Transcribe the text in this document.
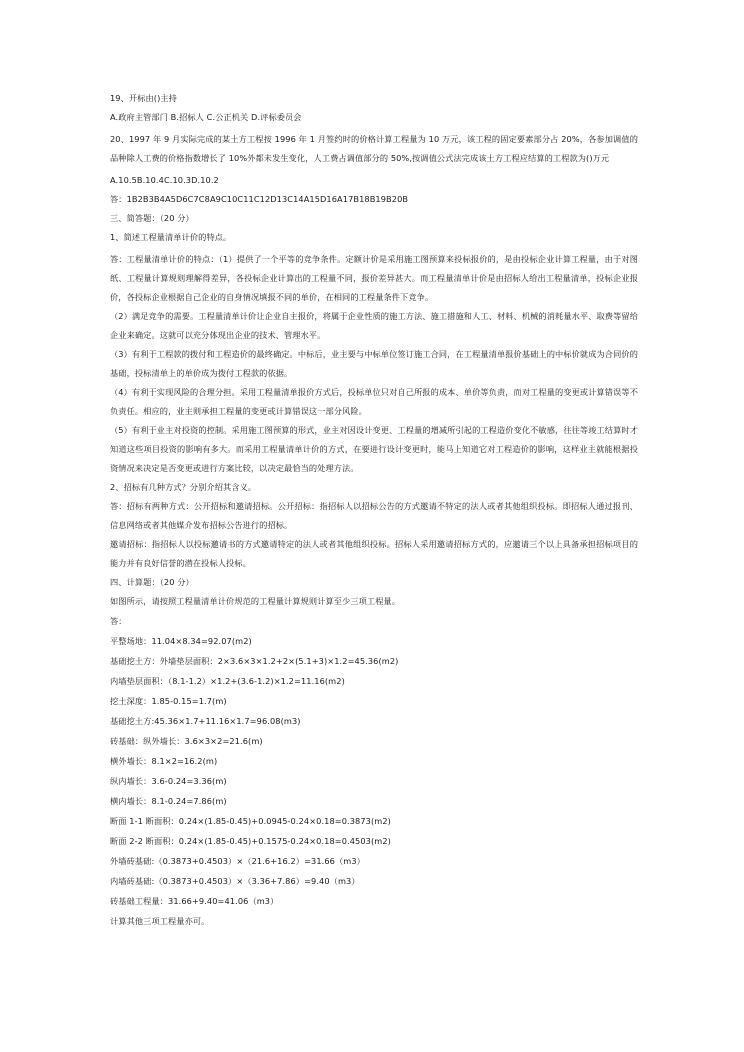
19、开标由()主持
A.政府主管部门 B.招标人 C.公正机关 D.评标委员会
20、1997 年 9 月实际完成的某土方工程按 1996 年 1 月签约时的价格计算工程量为 10 万元，该工程的固定要素部分占 20%，各参加调值的品种除人工费的价格指数增长了 10%外都未发生变化，人工费占调值部分的 50%,按调值公式法完成该土方工程应结算的工程款为()万元
A.10.5B.10.4C.10.3D.10.2
答：1B2B3B4A5D6C7C8A9C10C11C12D13C14A15D16A17B18B19B20B
三、简答题：（20 分）
1、简述工程量清单计价的特点。
答：工程量清单计价的特点：（1）提供了一个平等的竞争条件。定额计价是采用施工图预算来投标报价的，是由投标企业计算工程量，由于对图纸、工程量计算规则理解得差异，各投标企业计算出的工程量不同，报价差异甚大。而工程量清单计价是由招标人给出工程量清单，投标企业报价，各投标企业根据自己企业的自身情况填报不同的单价，在相同的工程量条件下竞争。
（2）满足竞争的需要。工程量清单计价让企业自主报价，将属于企业性质的施工方法、施工措施和人工、材料、机械的消耗量水平、取费等留给企业来确定。这就可以充分体现出企业的技术、管理水平。
（3）有利于工程款的拨付和工程造价的最终确定。中标后，业主要与中标单位签订施工合同，在工程量清单报价基础上的中标价就成为合同价的基础，投标清单上的单价成为拨付工程款的依据。
（4）有利于实现风险的合理分担。采用工程量清单报价方式后，投标单位只对自己所报的成本、单价等负责，而对工程量的变更或计算错误等不负责任。相应的，业主则承担工程量的变更或计算错误这一部分风险。
（5）有利于业主对投资的控制。采用施工图预算的形式，业主对因设计变更、工程量的增减所引起的工程造价变化不敏感，往往等竣工结算时才知道这些项目投资的影响有多大。而采用工程量清单计价的方式，在要进行设计变更时，能马上知道它对工程造价的影响，这样业主就能根据投资情况来决定是否变更或进行方案比较，以决定最恰当的处理方法。
2、招标有几种方式？分别介绍其含义。
答：招标有两种方式：公开招标和邀请招标。公开招标：指招标人以招标公告的方式邀请不特定的法人或者其他组织投标。即招标人通过报刊、信息网络或者其他媒介发布招标公告进行的招标。
邀请招标：指招标人以投标邀请书的方式邀请特定的法人或者其他组织投标。招标人采用邀请招标方式的，应邀请三个以上具备承担招标项目的能力并有良好信誉的潜在投标人投标。
四、计算题：（20 分）
如图所示，请按照工程量清单计价规范的工程量计算规则计算至少三项工程量。
答：
平整场地：11.04×8.34=92.07(m2)
基础挖土方：外墙垫层面积：2×3.6×3×1.2+2×(5.1+3)×1.2=45.36(m2)
内墙垫层面积：（8.1-1.2）×1.2+(3.6-1.2)×1.2=11.16(m2)
挖土深度：1.85-0.15=1.7(m)
基础挖土方:45.36×1.7+11.16×1.7=96.08(m3)
砖基础：纵外墙长：3.6×3×2=21.6(m)
横外墙长：8.1×2=16.2(m)
纵内墙长：3.6-0.24=3.36(m)
横内墙长：8.1-0.24=7.86(m)
断面 1-1 断面积：0.24×(1.85-0.45)+0.0945-0.24×0.18=0.3873(m2)
断面 2-2 断面积：0.24×(1.85-0.45)+0.1575-0.24×0.18=0.4503(m2)
外墙砖基础:（0.3873+0.4503）×（21.6+16.2）=31.66（m3）
内墙砖基础:（0.3873+0.4503）×（3.36+7.86）=9.40（m3）
砖基础工程量：31.66+9.40=41.06（m3）
计算其他三项工程量亦可。
